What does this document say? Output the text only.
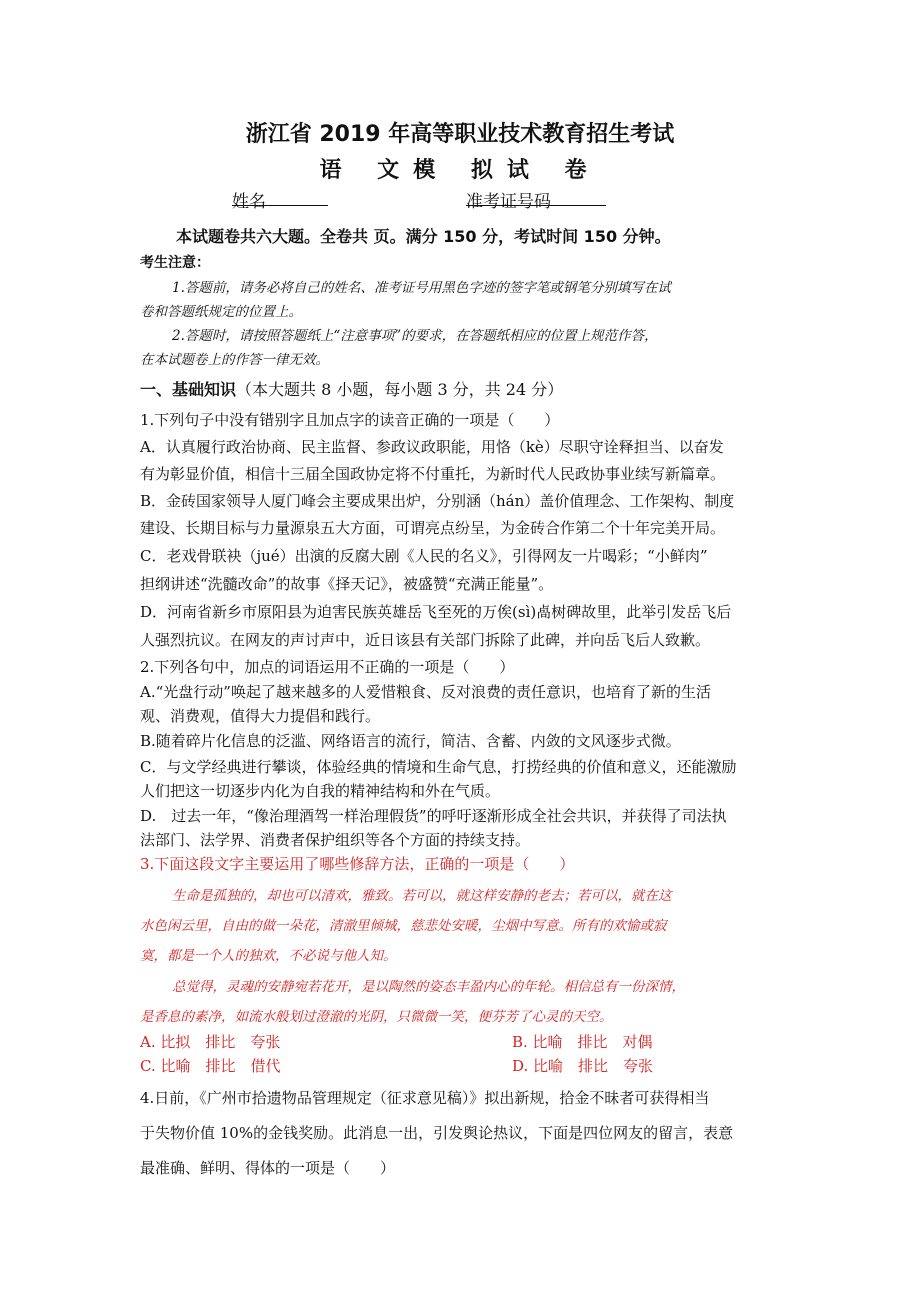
浙江省 2019 年高等职业技术教育招生考试
语 文模 拟试 卷
姓名	准考证号码
本试题卷共六大题。全卷共 页。满分 150 分，考试时间 150 分钟。
考生注意：
1.答题前，请务必将自己的姓名、准考证号用黑色字迹的签字笔或钢笔分别填写在试
卷和答题纸规定的位置上。
2.答题时，请按照答题纸上“注意事项”的要求，在答题纸相应的位置上规范作答，
在本试题卷上的作答一律无效。
一、基础知识（本大题共 8 小题，每小题 3 分，共 24 分）
1.下列句子中没有错别字且加点字的读音正确的一项是（　　）
A．认真履行政治协商、民主监督、参政议政职能，用恪（kè）尽职守诠释担当、以奋发
有为彰显价值，相信十三届全国政协定将不付重托，为新时代人民政协事业续写新篇章。
B．金砖国家领导人厦门峰会主要成果出炉，分别涵（hán）盖价值理念、工作架构、制度
建设、长期目标与力量源泉五大方面，可谓亮点纷呈，为金砖合作第二个十年完美开局。
C．老戏骨联袂（jué）出演的反腐大剧《人民的名义》，引得网友一片喝彩；“小鲜肉”
担纲讲述“洗髓改命”的故事《择天记》，被盛赞“充满正能量”。
D．河南省新乡市原阳县为迫害民族英雄岳飞至死的万俟(sì)卨树碑故里，此举引发岳飞后
人强烈抗议。在网友的声讨声中，近日该县有关部门拆除了此碑，并向岳飞后人致歉。
2.下列各句中，加点的词语运用不正确的一项是（　　）
A.“光盘行动”唤起了越来越多的人爱惜粮食、反对浪费的责任意识，也培育了新的生活
观、消费观，值得大力提倡和践行。
B.随着碎片化信息的泛滥、网络语言的流行，简洁、含蓄、内敛的文风逐步式微。
C．与文学经典进行攀谈，体验经典的情境和生命气息，打捞经典的价值和意义，还能激励
人们把这一切逐步内化为自我的精神结构和外在气质。
D.　过去一年，“像治理酒驾一样治理假货”的呼吁逐渐形成全社会共识，并获得了司法执
法部门、法学界、消费者保护组织等各个方面的持续支持。
3.下面这段文字主要运用了哪些修辞方法，正确的一项是（　　）
生命是孤独的，却也可以清欢，雅致。若可以，就这样安静的老去；若可以，就在这
水色闲云里，自由的做一朵花，清澈里倾城，慈悲处安暖，尘烟中写意。所有的欢愉或寂
寞，都是一个人的独欢，不必说与他人知。
总觉得，灵魂的安静宛若花开，是以陶然的姿态丰盈内心的年轮。相信总有一份深情，
是香息的素净，如流水般划过澄澈的光阴，只微微一笑，便芬芳了心灵的天空。
A. 比拟　排比　夸张	B. 比喻　排比　对偶
C. 比喻　排比　借代	D. 比喻　排比　夸张
4.日前，《广州市拾遗物品管理规定（征求意见稿）》拟出新规，拾金不昧者可获得相当
于失物价值 10%的金钱奖励。此消息一出，引发舆论热议，下面是四位网友的留言，表意
最准确、鲜明、得体的一项是（　　）
